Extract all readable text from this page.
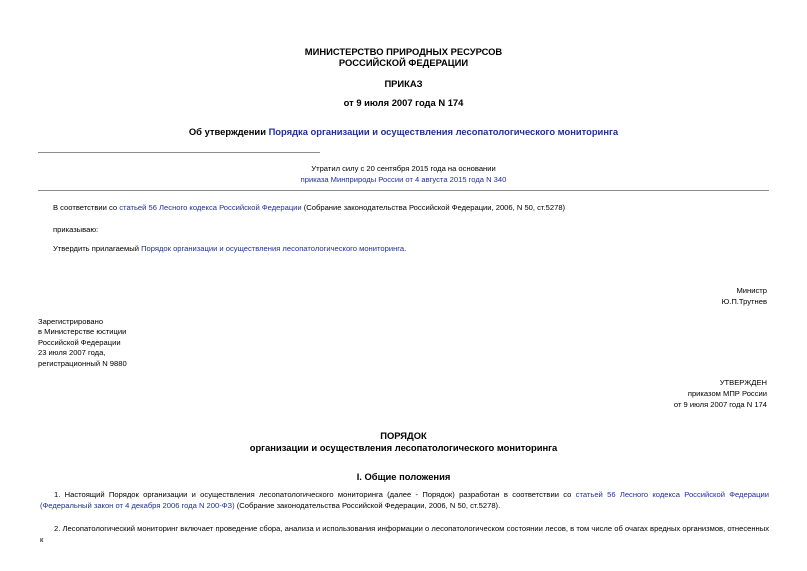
МИНИСТЕРСТВО ПРИРОДНЫХ РЕСУРСОВ
РОССИЙСКОЙ ФЕДЕРАЦИИ
ПРИКАЗ
от 9 июля 2007 года N 174
Об утверждении Порядка организации и осуществления лесопатологического мониторинга
Утратил силу с 20 сентября 2015 года на основании
приказа Минприроды России от 4 августа 2015 года N 340
В соответствии со статьей 56 Лесного кодекса Российской Федерации (Собрание законодательства Российской Федерации, 2006, N 50, ст.5278)
приказываю:
Утвердить прилагаемый Порядок организации и осуществления лесопатологического мониторинга.
Министр
Ю.П.Трутнев
Зарегистрировано
в Министерстве юстиции
Российской Федерации
23 июля 2007 года,
регистрационный N 9880
УТВЕРЖДЕН
приказом МПР России
от 9 июля 2007 года N 174
ПОРЯДОК
организации и осуществления лесопатологического мониторинга
I. Общие положения
1. Настоящий Порядок организации и осуществления лесопатологического мониторинга (далее - Порядок) разработан в соответствии со статьей 56 Лесного кодекса Российской Федерации (Федеральный закон от 4 декабря 2006 года N 200-ФЗ) (Собрание законодательства Российской Федерации, 2006, N 50, ст.5278).
2. Лесопатологический мониторинг включает проведение сбора, анализа и использования информации о лесопатологическом состоянии лесов, в том числе об очагах вредных организмов, отнесенных к
